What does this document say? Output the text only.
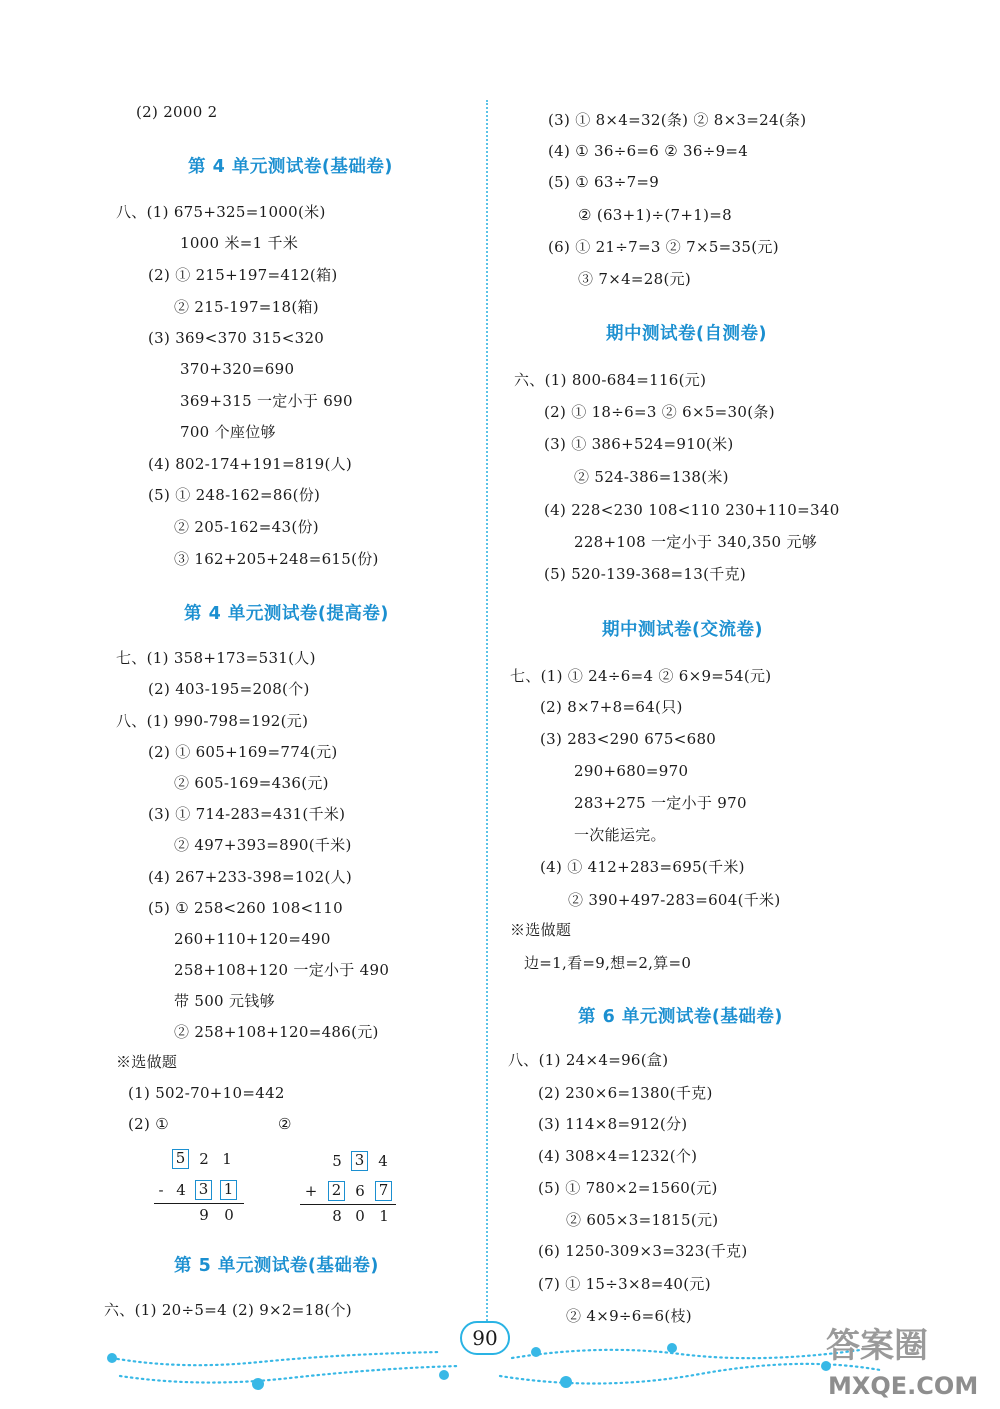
(2) 2000 2
第 4 单元测试卷(基础卷)
八、(1) 675+325=1000(米)
1000 米=1 千米
(2) ① 215+197=412(箱)
② 215-197=18(箱)
(3) 369<370 315<320
370+320=690
369+315 一定小于 690
700 个座位够
(4) 802-174+191=819(人)
(5) ① 248-162=86(份)
② 205-162=43(份)
③ 162+205+248=615(份)
第 4 单元测试卷(提高卷)
七、(1) 358+173=531(人)
(2) 403-195=208(个)
八、(1) 990-798=192(元)
(2) ① 605+169=774(元)
② 605-169=436(元)
(3) ① 714-283=431(千米)
② 497+393=890(千米)
(4) 267+233-398=102(人)
(5) ① 258<260 108<110
260+110+120=490
258+108+120 一定小于 490
带 500 元钱够
② 258+108+120=486(元)
※选做题
(1) 502-70+10=442
(2) ①	②
5 2 1
- 4 3 1
9 0
5 3 4
+ 2 6 7
8 0 1
第 5 单元测试卷(基础卷)
六、(1) 20÷5=4 (2) 9×2=18(个)
(3) ① 8×4=32(条) ② 8×3=24(条)
(4) ① 36÷6=6 ② 36÷9=4
(5) ① 63÷7=9
② (63+1)÷(7+1)=8
(6) ① 21÷7=3 ② 7×5=35(元)
③ 7×4=28(元)
期中测试卷(自测卷)
六、(1) 800-684=116(元)
(2) ① 18÷6=3 ② 6×5=30(条)
(3) ① 386+524=910(米)
② 524-386=138(米)
(4) 228<230 108<110 230+110=340
228+108 一定小于 340,350 元够
(5) 520-139-368=13(千克)
期中测试卷(交流卷)
七、(1) ① 24÷6=4 ② 6×9=54(元)
(2) 8×7+8=64(只)
(3) 283<290 675<680
290+680=970
283+275 一定小于 970
一次能运完。
(4) ① 412+283=695(千米)
② 390+497-283=604(千米)
※选做题
边=1,看=9,想=2,算=0
第 6 单元测试卷(基础卷)
八、(1) 24×4=96(盒)
(2) 230×6=1380(千克)
(3) 114×8=912(分)
(4) 308×4=1232(个)
(5) ① 780×2=1560(元)
② 605×3=1815(元)
(6) 1250-309×3=323(千克)
(7) ① 15÷3×8=40(元)
② 4×9÷6=6(枝)
90	答案圈
MXQE.COM
